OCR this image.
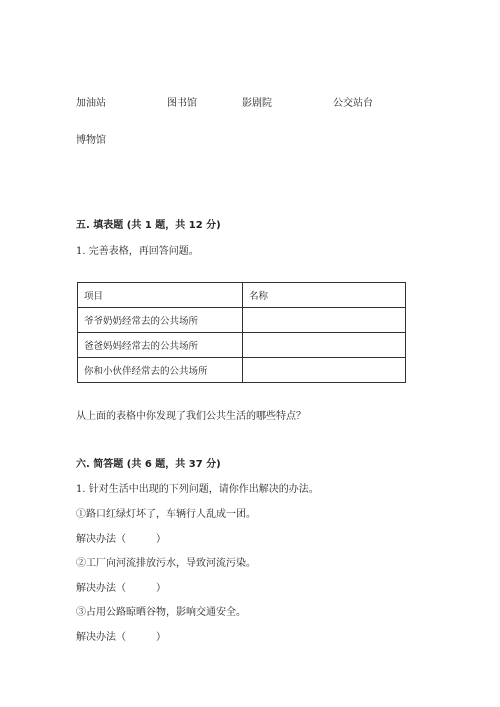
加油站	图书馆	影剧院	公交站台
博物馆
五. 填表题 (共 1 题，共 12 分)
1. 完善表格，再回答问题。
项目	名称
爷爷奶奶经常去的公共场所	
爸爸妈妈经常去的公共场所	
你和小伙伴经常去的公共场所	
从上面的表格中你发现了我们公共生活的哪些特点？
六. 简答题 (共 6 题，共 37 分)
1. 针对生活中出现的下列问题，请你作出解决的办法。
①路口红绿灯坏了，车辆行人乱成一团。
解决办法（　　　）
②工厂向河流排放污水，导致河流污染。
解决办法（　　　）
③占用公路晾晒谷物，影响交通安全。
解决办法（　　　）
